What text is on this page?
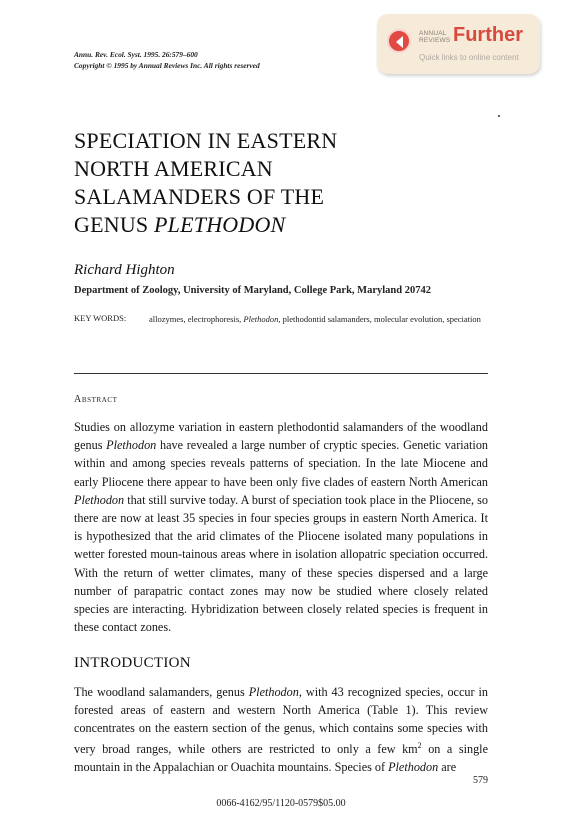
Annu. Rev. Ecol. Syst. 1995. 26:579–600
Copyright © 1995 by Annual Reviews Inc. All rights reserved
ANNUAL
REVIEWS Further
Quick links to online content
SPECIATION IN EASTERN
NORTH AMERICAN
SALAMANDERS OF THE
GENUS PLETHODON
Richard Highton
Department of Zoology, University of Maryland, College Park, Maryland 20742
KEY WORDS:	allozymes, electrophoresis, Plethodon, plethodontid salamanders, molecular evolution, speciation
Abstract
Studies on allozyme variation in eastern plethodontid salamanders of the woodland genus Plethodon have revealed a large number of cryptic species. Genetic variation within and among species reveals patterns of speciation. In the late Miocene and early Pliocene there appear to have been only five clades of eastern North American Plethodon that still survive today. A burst of speciation took place in the Pliocene, so there are now at least 35 species in four species groups in eastern North America. It is hypothesized that the arid climates of the Pliocene isolated many populations in wetter forested moun-tainous areas where in isolation allopatric speciation occurred. With the return of wetter climates, many of these species dispersed and a large number of parapatric contact zones may now be studied where closely related species are interacting. Hybridization between closely related species is frequent in these contact zones.
INTRODUCTION
The woodland salamanders, genus Plethodon, with 43 recognized species, occur in forested areas of eastern and western North America (Table 1). This review concentrates on the eastern section of the genus, which contains some species with very broad ranges, while others are restricted to only a few $km^2$ on a single mountain in the Appalachian or Ouachita mountains. Species of Plethodon are
579
0066-4162/95/1120-0579$05.00
